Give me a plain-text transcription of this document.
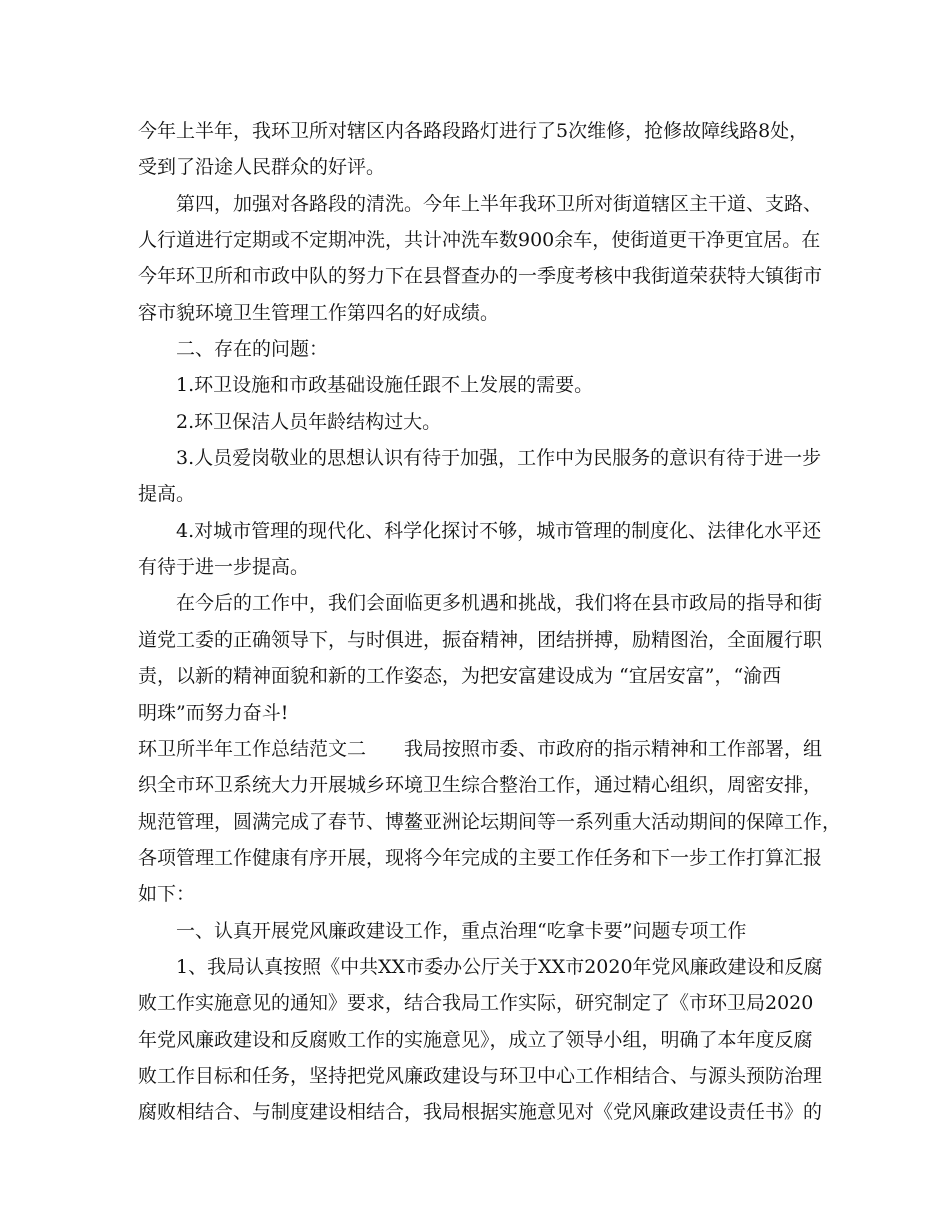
今年上半年，我环卫所对辖区内各路段路灯进行了5次维修，抢修故障线路8处，

受到了沿途人民群众的好评。

第四，加强对各路段的清洗。今年上半年我环卫所对街道辖区主干道、支路、

人行道进行定期或不定期冲洗，共计冲洗车数900余车，使街道更干净更宜居。在

今年环卫所和市政中队的努力下在县督查办的一季度考核中我街道荣获特大镇街市

容市貌环境卫生管理工作第四名的好成绩。

二、存在的问题：

1.环卫设施和市政基础设施任跟不上发展的需要。

2.环卫保洁人员年龄结构过大。

3.人员爱岗敬业的思想认识有待于加强，工作中为民服务的意识有待于进一步

提高。

4.对城市管理的现代化、科学化探讨不够，城市管理的制度化、法律化水平还

有待于进一步提高。

在今后的工作中，我们会面临更多机遇和挑战，我们将在县市政局的指导和街

道党工委的正确领导下，与时俱进，振奋精神，团结拼搏，励精图治，全面履行职

责，以新的精神面貌和新的工作姿态，为把安富建设成为 “宜居安富”，“渝西

明珠”而努力奋斗!

环卫所半年工作总结范文二　　我局按照市委、市政府的指示精神和工作部署，组

织全市环卫系统大力开展城乡环境卫生综合整治工作，通过精心组织，周密安排，

规范管理，圆满完成了春节、博鳌亚洲论坛期间等一系列重大活动期间的保障工作，

各项管理工作健康有序开展，现将今年完成的主要工作任务和下一步工作打算汇报

如下：

一、认真开展党风廉政建设工作，重点治理“吃拿卡要”问题专项工作

1、我局认真按照《中共XX市委办公厅关于XX市2020年党风廉政建设和反腐

败工作实施意见的通知》要求，结合我局工作实际，研究制定了《市环卫局2020

年党风廉政建设和反腐败工作的实施意见》，成立了领导小组，明确了本年度反腐

败工作目标和任务，坚持把党风廉政建设与环卫中心工作相结合、与源头预防治理

腐败相结合、与制度建设相结合，我局根据实施意见对《党风廉政建设责任书》的
